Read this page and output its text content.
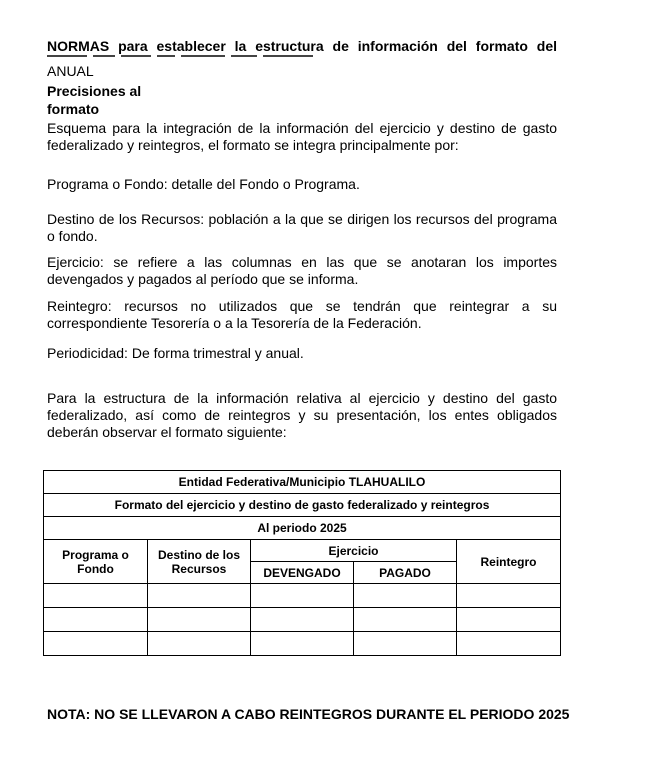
NORMAS para establecer la estructura de información del formato del
ANUAL
Precisiones al
formato
Esquema para la integración de la información del ejercicio y destino de gasto federalizado y reintegros, el formato se integra principalmente por:
Programa o Fondo: detalle del Fondo o Programa.
Destino de los Recursos: población a la que se dirigen los recursos del programa o fondo.
Ejercicio: se refiere a las columnas en las que se anotaran los importes devengados y pagados al período que se informa.
Reintegro: recursos no utilizados que se tendrán que reintegrar a su correspondiente Tesorería o a la Tesorería de la Federación.
Periodicidad: De forma trimestral y anual.
Para la estructura de la información relativa al ejercicio y destino del gasto federalizado, así como de reintegros y su presentación, los entes obligados deberán observar el formato siguiente:
Entidad Federativa/Municipio TLAHUALILO				
Formato del ejercicio y destino de gasto federalizado y reintegros				
Al periodo 2025				
Programa o Fondo	Destino de los Recursos	Ejercicio		Reintegro
		DEVENGADO	PAGADO	

NOTA: NO SE LLEVARON A CABO REINTEGROS DURANTE EL PERIODO 2025
